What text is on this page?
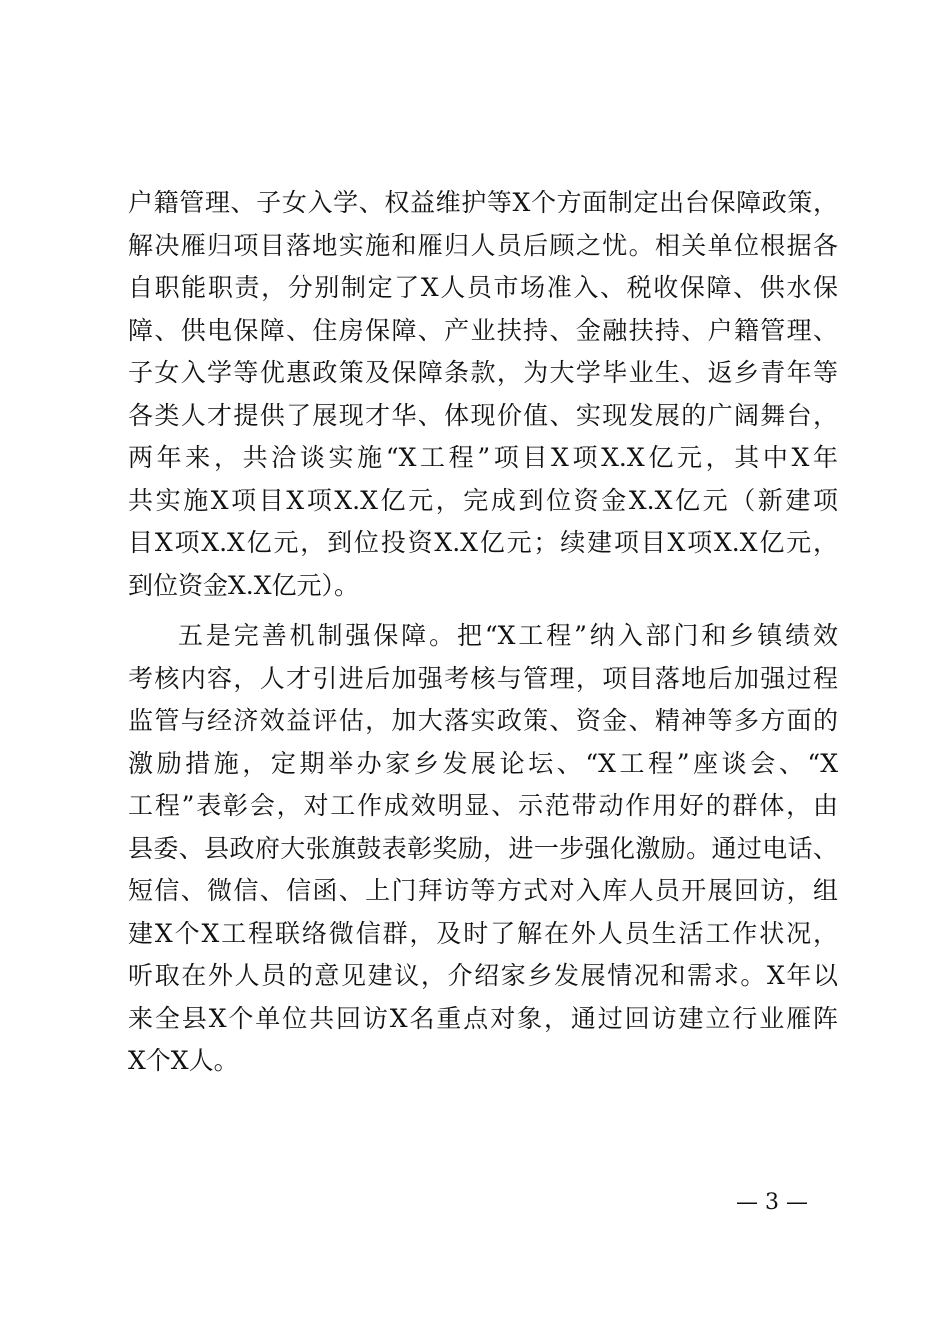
户籍管理、子女入学、权益维护等X个方面制定出台保障政策，
解决雁归项目落地实施和雁归人员后顾之忧。相关单位根据各
自职能职责，分别制定了X人员市场准入、税收保障、供水保
障、供电保障、住房保障、产业扶持、金融扶持、户籍管理、
子女入学等优惠政策及保障条款，为大学毕业生、返乡青年等
各类人才提供了展现才华、体现价值、实现发展的广阔舞台，
两年来，共洽谈实施“X工程”项目X项X.X亿元，其中X年
共实施X项目X项X.X亿元，完成到位资金X.X亿元（新建项
目X项X.X亿元，到位投资X.X亿元；续建项目X项X.X亿元，
到位资金X.X亿元）。
五是完善机制强保障。把“X工程”纳入部门和乡镇绩效
考核内容，人才引进后加强考核与管理，项目落地后加强过程
监管与经济效益评估，加大落实政策、资金、精神等多方面的
激励措施，定期举办家乡发展论坛、“X工程”座谈会、“X
工程”表彰会，对工作成效明显、示范带动作用好的群体，由
县委、县政府大张旗鼓表彰奖励，进一步强化激励。通过电话、
短信、微信、信函、上门拜访等方式对入库人员开展回访，组
建X个X工程联络微信群，及时了解在外人员生活工作状况，
听取在外人员的意见建议，介绍家乡发展情况和需求。X年以
来全县X个单位共回访X名重点对象，通过回访建立行业雁阵
X个X人。
— 3 —
